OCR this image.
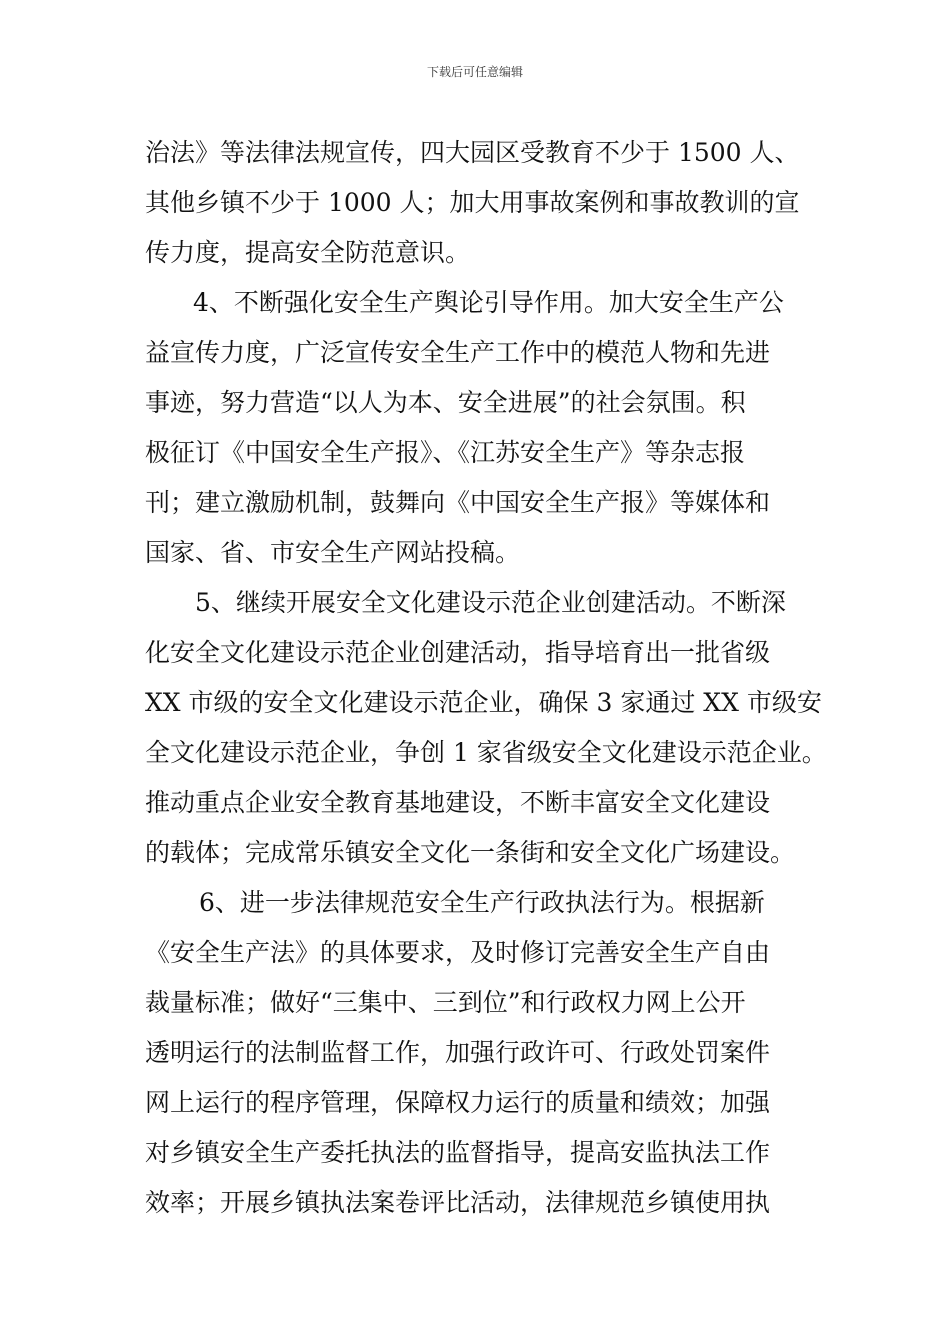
下载后可任意编辑
治法》等法律法规宣传，四大园区受教育不少于 1500 人、
其他乡镇不少于 1000 人；加大用事故案例和事故教训的宣
传力度，提高安全防范意识。
4、不断强化安全生产舆论引导作用。加大安全生产公
益宣传力度，广泛宣传安全生产工作中的模范人物和先进
事迹，努力营造“以人为本、安全进展”的社会氛围。积
极征订《中国安全生产报》、《江苏安全生产》等杂志报
刊；建立激励机制，鼓舞向《中国安全生产报》等媒体和
国家、省、市安全生产网站投稿。
5、继续开展安全文化建设示范企业创建活动。不断深
化安全文化建设示范企业创建活动，指导培育出一批省级
XX 市级的安全文化建设示范企业，确保 3 家通过 XX 市级安
全文化建设示范企业，争创 1 家省级安全文化建设示范企业。
推动重点企业安全教育基地建设，不断丰富安全文化建设
的载体；完成常乐镇安全文化一条街和安全文化广场建设。
6、进一步法律规范安全生产行政执法行为。根据新
《安全生产法》的具体要求，及时修订完善安全生产自由
裁量标准；做好“三集中、三到位”和行政权力网上公开
透明运行的法制监督工作，加强行政许可、行政处罚案件
网上运行的程序管理，保障权力运行的质量和绩效；加强
对乡镇安全生产委托执法的监督指导，提高安监执法工作
效率；开展乡镇执法案卷评比活动，法律规范乡镇使用执
